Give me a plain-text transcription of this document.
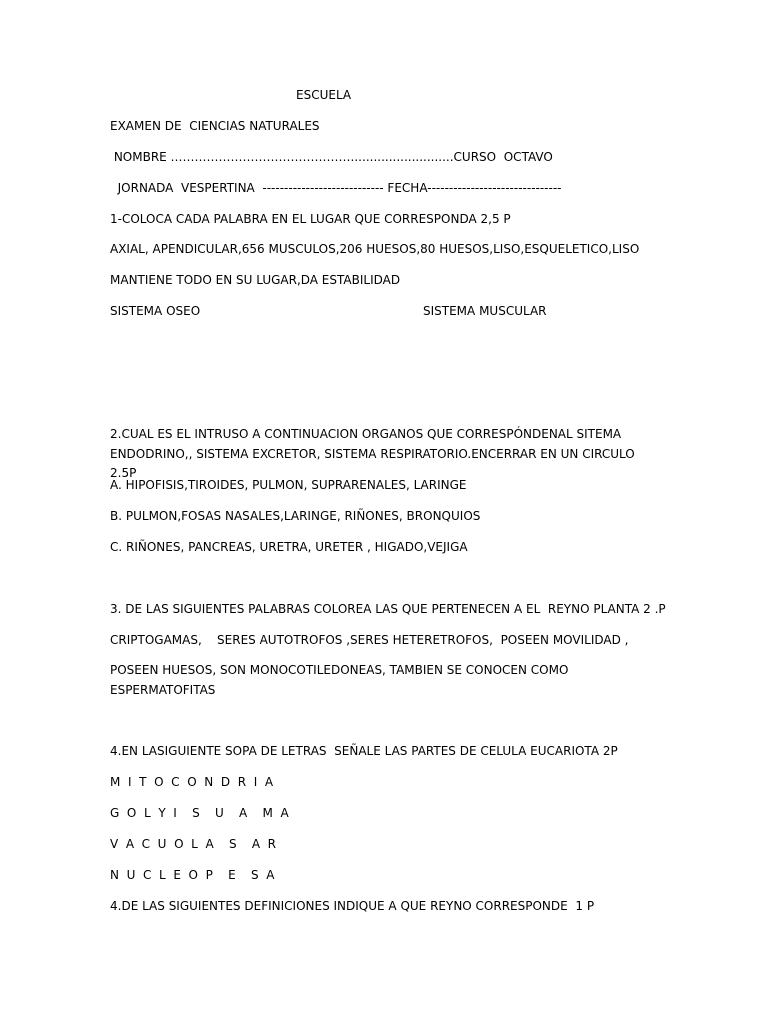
ESCUELA
EXAMEN DE  CIENCIAS NATURALES
NOMBRE ………………………………………...........................CURSO  OCTAVO
JORNADA  VESPERTINA  ---------------------------- FECHA-------------------------------
1-COLOCA CADA PALABRA EN EL LUGAR QUE CORRESPONDA 2,5 P
AXIAL, APENDICULAR,656 MUSCULOS,206 HUESOS,80 HUESOS,LISO,ESQUELETICO,LISO
MANTIENE TODO EN SU LUGAR,DA ESTABILIDAD
SISTEMA OSEO	SISTEMA MUSCULAR
2.CUAL ES EL INTRUSO A CONTINUACION ORGANOS QUE CORRESPÓNDENAL SITEMA ENDODRINO,, SISTEMA EXCRETOR, SISTEMA RESPIRATORIO.ENCERRAR EN UN CIRCULO 2.5P
A. HIPOFISIS,TIROIDES, PULMON, SUPRARENALES, LARINGE
B. PULMON,FOSAS NASALES,LARINGE, RIÑONES, BRONQUIOS
C. RIÑONES, PANCREAS, URETRA, URETER , HIGADO,VEJIGA
3. DE LAS SIGUIENTES PALABRAS COLOREA LAS QUE PERTENECEN A EL  REYNO PLANTA 2 .P
CRIPTOGAMAS,    SERES AUTOTROFOS ,SERES HETERETROFOS,  POSEEN MOVILIDAD ,
POSEEN HUESOS, SON MONOCOTILEDONEAS, TAMBIEN SE CONOCEN COMO ESPERMATOFITAS
4.EN LASIGUIENTE SOPA DE LETRAS  SEÑALE LAS PARTES DE CELULA EUCARIOTA 2P
M  I  T  O  C  O  N  D  R  I  A
G  O  L  Y  I    S    U    A    M  A
V  A  C  U  O  L  A    S    A  R
N  U  C  L  E  O  P    E    S  A
4.DE LAS SIGUIENTES DEFINICIONES INDIQUE A QUE REYNO CORRESPONDE  1 P
